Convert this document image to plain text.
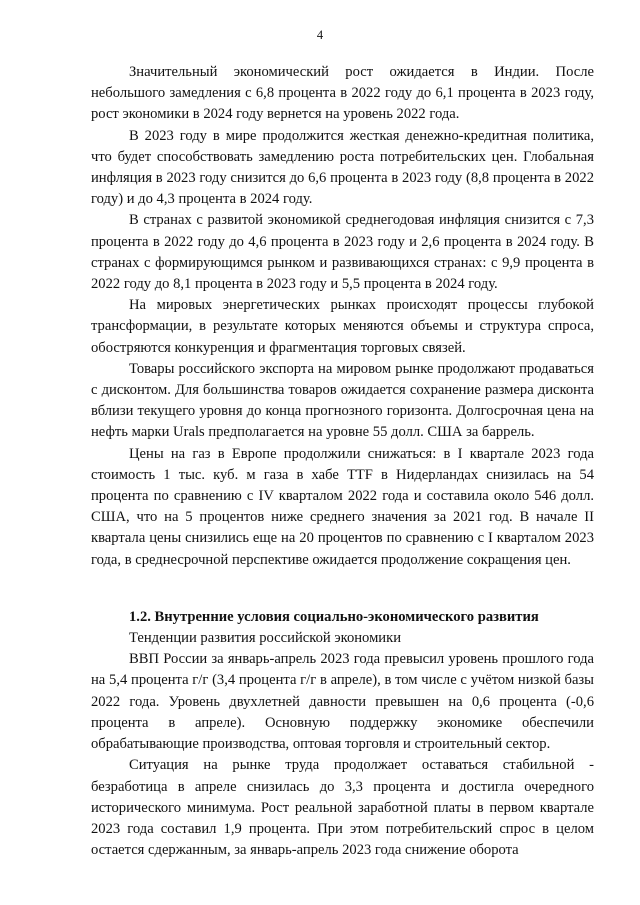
4

Значительный экономический рост ожидается в Индии. После небольшого замедления с 6,8 процента в 2022 году до 6,1 процента в 2023 году, рост экономики в 2024 году вернется на уровень 2022 года.

В 2023 году в мире продолжится жесткая денежно-кредитная политика, что будет способствовать замедлению роста потребительских цен. Глобальная инфляция в 2023 году снизится до 6,6 процента в 2023 году (8,8 процента в 2022 году) и до 4,3 процента в 2024 году.

В странах с развитой экономикой среднегодовая инфляция снизится с 7,3 процента в 2022 году до 4,6 процента в 2023 году и 2,6 процента в 2024 году. В странах с формирующимся рынком и развивающихся странах: с 9,9 процента в 2022 году до 8,1 процента в 2023 году и 5,5 процента в 2024 году.

На мировых энергетических рынках происходят процессы глубокой трансформации, в результате которых меняются объемы и структура спроса, обостряются конкуренция и фрагментация торговых связей.

Товары российского экспорта на мировом рынке продолжают продаваться с дисконтом. Для большинства товаров ожидается сохранение размера дисконта вблизи текущего уровня до конца прогнозного горизонта. Долгосрочная цена на нефть марки Urals предполагается на уровне 55 долл. США за баррель.

Цены на газ в Европе продолжили снижаться: в I квартале 2023 года стоимость 1 тыс. куб. м газа в хабе TTF в Нидерландах снизилась на 54 процента по сравнению с IV кварталом 2022 года и составила около 546 долл. США, что на 5 процентов ниже среднего значения за 2021 год. В начале II квартала цены снизились еще на 20 процентов по сравнению с I кварталом 2023 года, в среднесрочной перспективе ожидается продолжение сокращения цен.

1.2. Внутренние условия социально-экономического развития

Тенденции развития российской экономики

ВВП России за январь-апрель 2023 года превысил уровень прошлого года на 5,4 процента г/г (3,4 процента г/г в апреле), в том числе с учётом низкой базы 2022 года. Уровень двухлетней давности превышен на 0,6 процента (-0,6 процента в апреле). Основную поддержку экономике обеспечили обрабатывающие производства, оптовая торговля и строительный сектор.

Ситуация на рынке труда продолжает оставаться стабильной - безработица в апреле снизилась до 3,3 процента и достигла очередного исторического минимума. Рост реальной заработной платы в первом квартале 2023 года составил 1,9 процента. При этом потребительский спрос в целом остается сдержанным, за январь-апрель 2023 года снижение оборота
